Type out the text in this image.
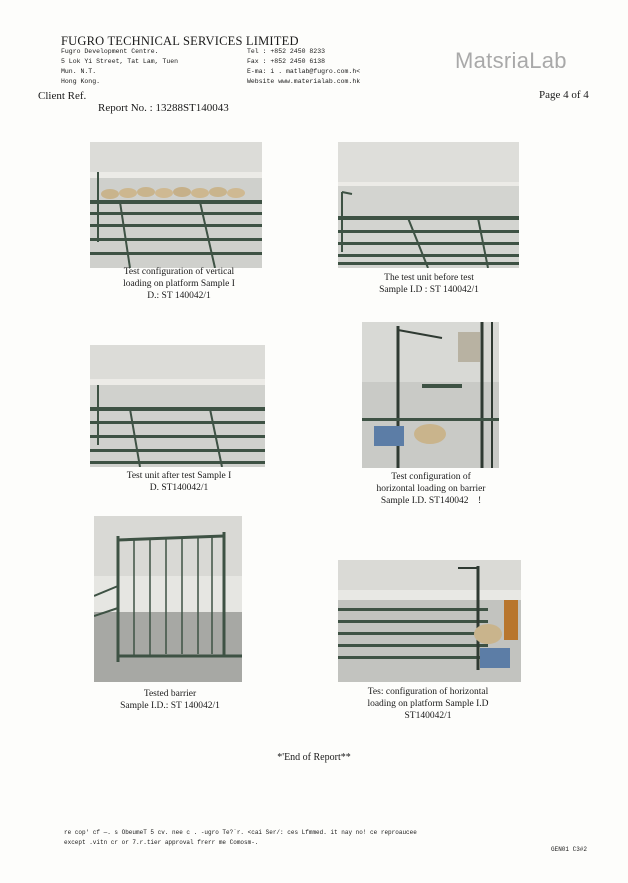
FUGRO TECHNICAL SERVICES LIMITED
Fugro Development Centre.
5 Lok Yi Street, Tat Lam, Tuen
Mun. N.T.
Hong Kong.
Tel : +852 2450 8233
Fax : +852 2450 6138
E-ma: i . matlab@fugro.com.h<
Website www.materialab.com.hk
MatsriaLab
Client Ref.
Report No. : 13288ST140043
Page 4 of 4
Test configuration of vertical
loading on platform Sample I
D.: ST 140042/1
The test unit before test
Sample I.D : ST 140042/1
Test unit after test Sample I
D. ST140042/1
Test configuration of
horizontal loading on barrier
Sample I.D. ST140042　!
Tested barrier
Sample I.D.: ST 140042/1
Tes: configuration of horizontal
loading on platform Sample I.D
ST140042/1
*'End of Report**
re cop' cf —. s ObeumeT 5 cv. nee c . -ugro Te?`r. <cai Ser/: ces Lfmmed. it nay no! ce reproaucee
except .vitn cr or 7.r.tier approval frerr me Comosm-.
GEN01 C3#2
